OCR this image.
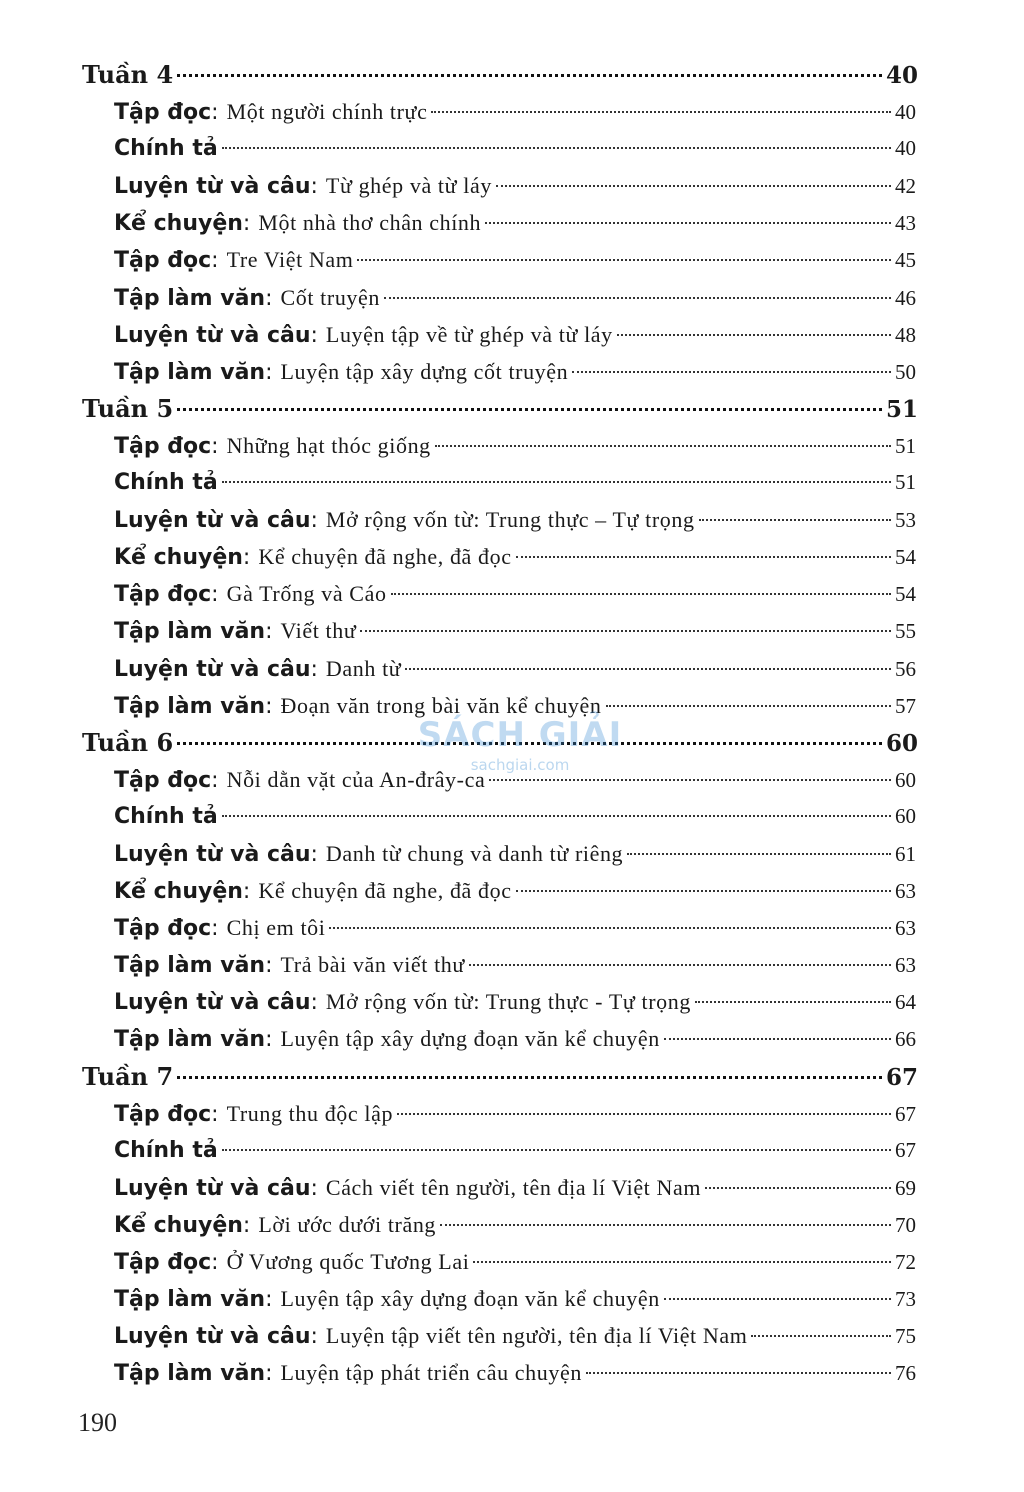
Tuần 4	40
Tập đọc : Một người chính trực	40
Chính tả	40
Luyện từ và câu : Từ ghép và từ láy	42
Kể chuyện : Một nhà thơ chân chính	43
Tập đọc : Tre Việt Nam	45
Tập làm văn : Cốt truyện	46
Luyện từ và câu : Luyện tập về từ ghép và từ láy	48
Tập làm văn : Luyện tập xây dựng cốt truyện	50
Tuần 5	51
Tập đọc : Những hạt thóc giống	51
Chính tả	51
Luyện từ và câu : Mở rộng vốn từ: Trung thực – Tự trọng	53
Kể chuyện : Kể chuyện đã nghe, đã đọc	54
Tập đọc : Gà Trống và Cáo	54
Tập làm văn : Viết thư	55
Luyện từ và câu : Danh từ	56
Tập làm văn : Đoạn văn trong bài văn kể chuyện	57
Tuần 6	60
Tập đọc : Nỗi dằn vặt của An-đrây-ca	60
Chính tả	60
Luyện từ và câu : Danh từ chung và danh từ riêng	61
Kể chuyện : Kể chuyện đã nghe, đã đọc	63
Tập đọc : Chị em tôi	63
Tập làm văn : Trả bài văn viết thư	63
Luyện từ và câu : Mở rộng vốn từ: Trung thực - Tự trọng	64
Tập làm văn : Luyện tập xây dựng đoạn văn kể chuyện	66
Tuần 7	67
Tập đọc : Trung thu độc lập	67
Chính tả	67
Luyện từ và câu : Cách viết tên người, tên địa lí Việt Nam	69
Kể chuyện : Lời ước dưới trăng	70
Tập đọc : Ở Vương quốc Tương Lai	72
Tập làm văn : Luyện tập xây dựng đoạn văn kể chuyện	73
Luyện từ và câu : Luyện tập viết tên người, tên địa lí Việt Nam	75
Tập làm văn : Luyện tập phát triển câu chuyện	76
SÁCH GIẢI
sachgiai.com
190
